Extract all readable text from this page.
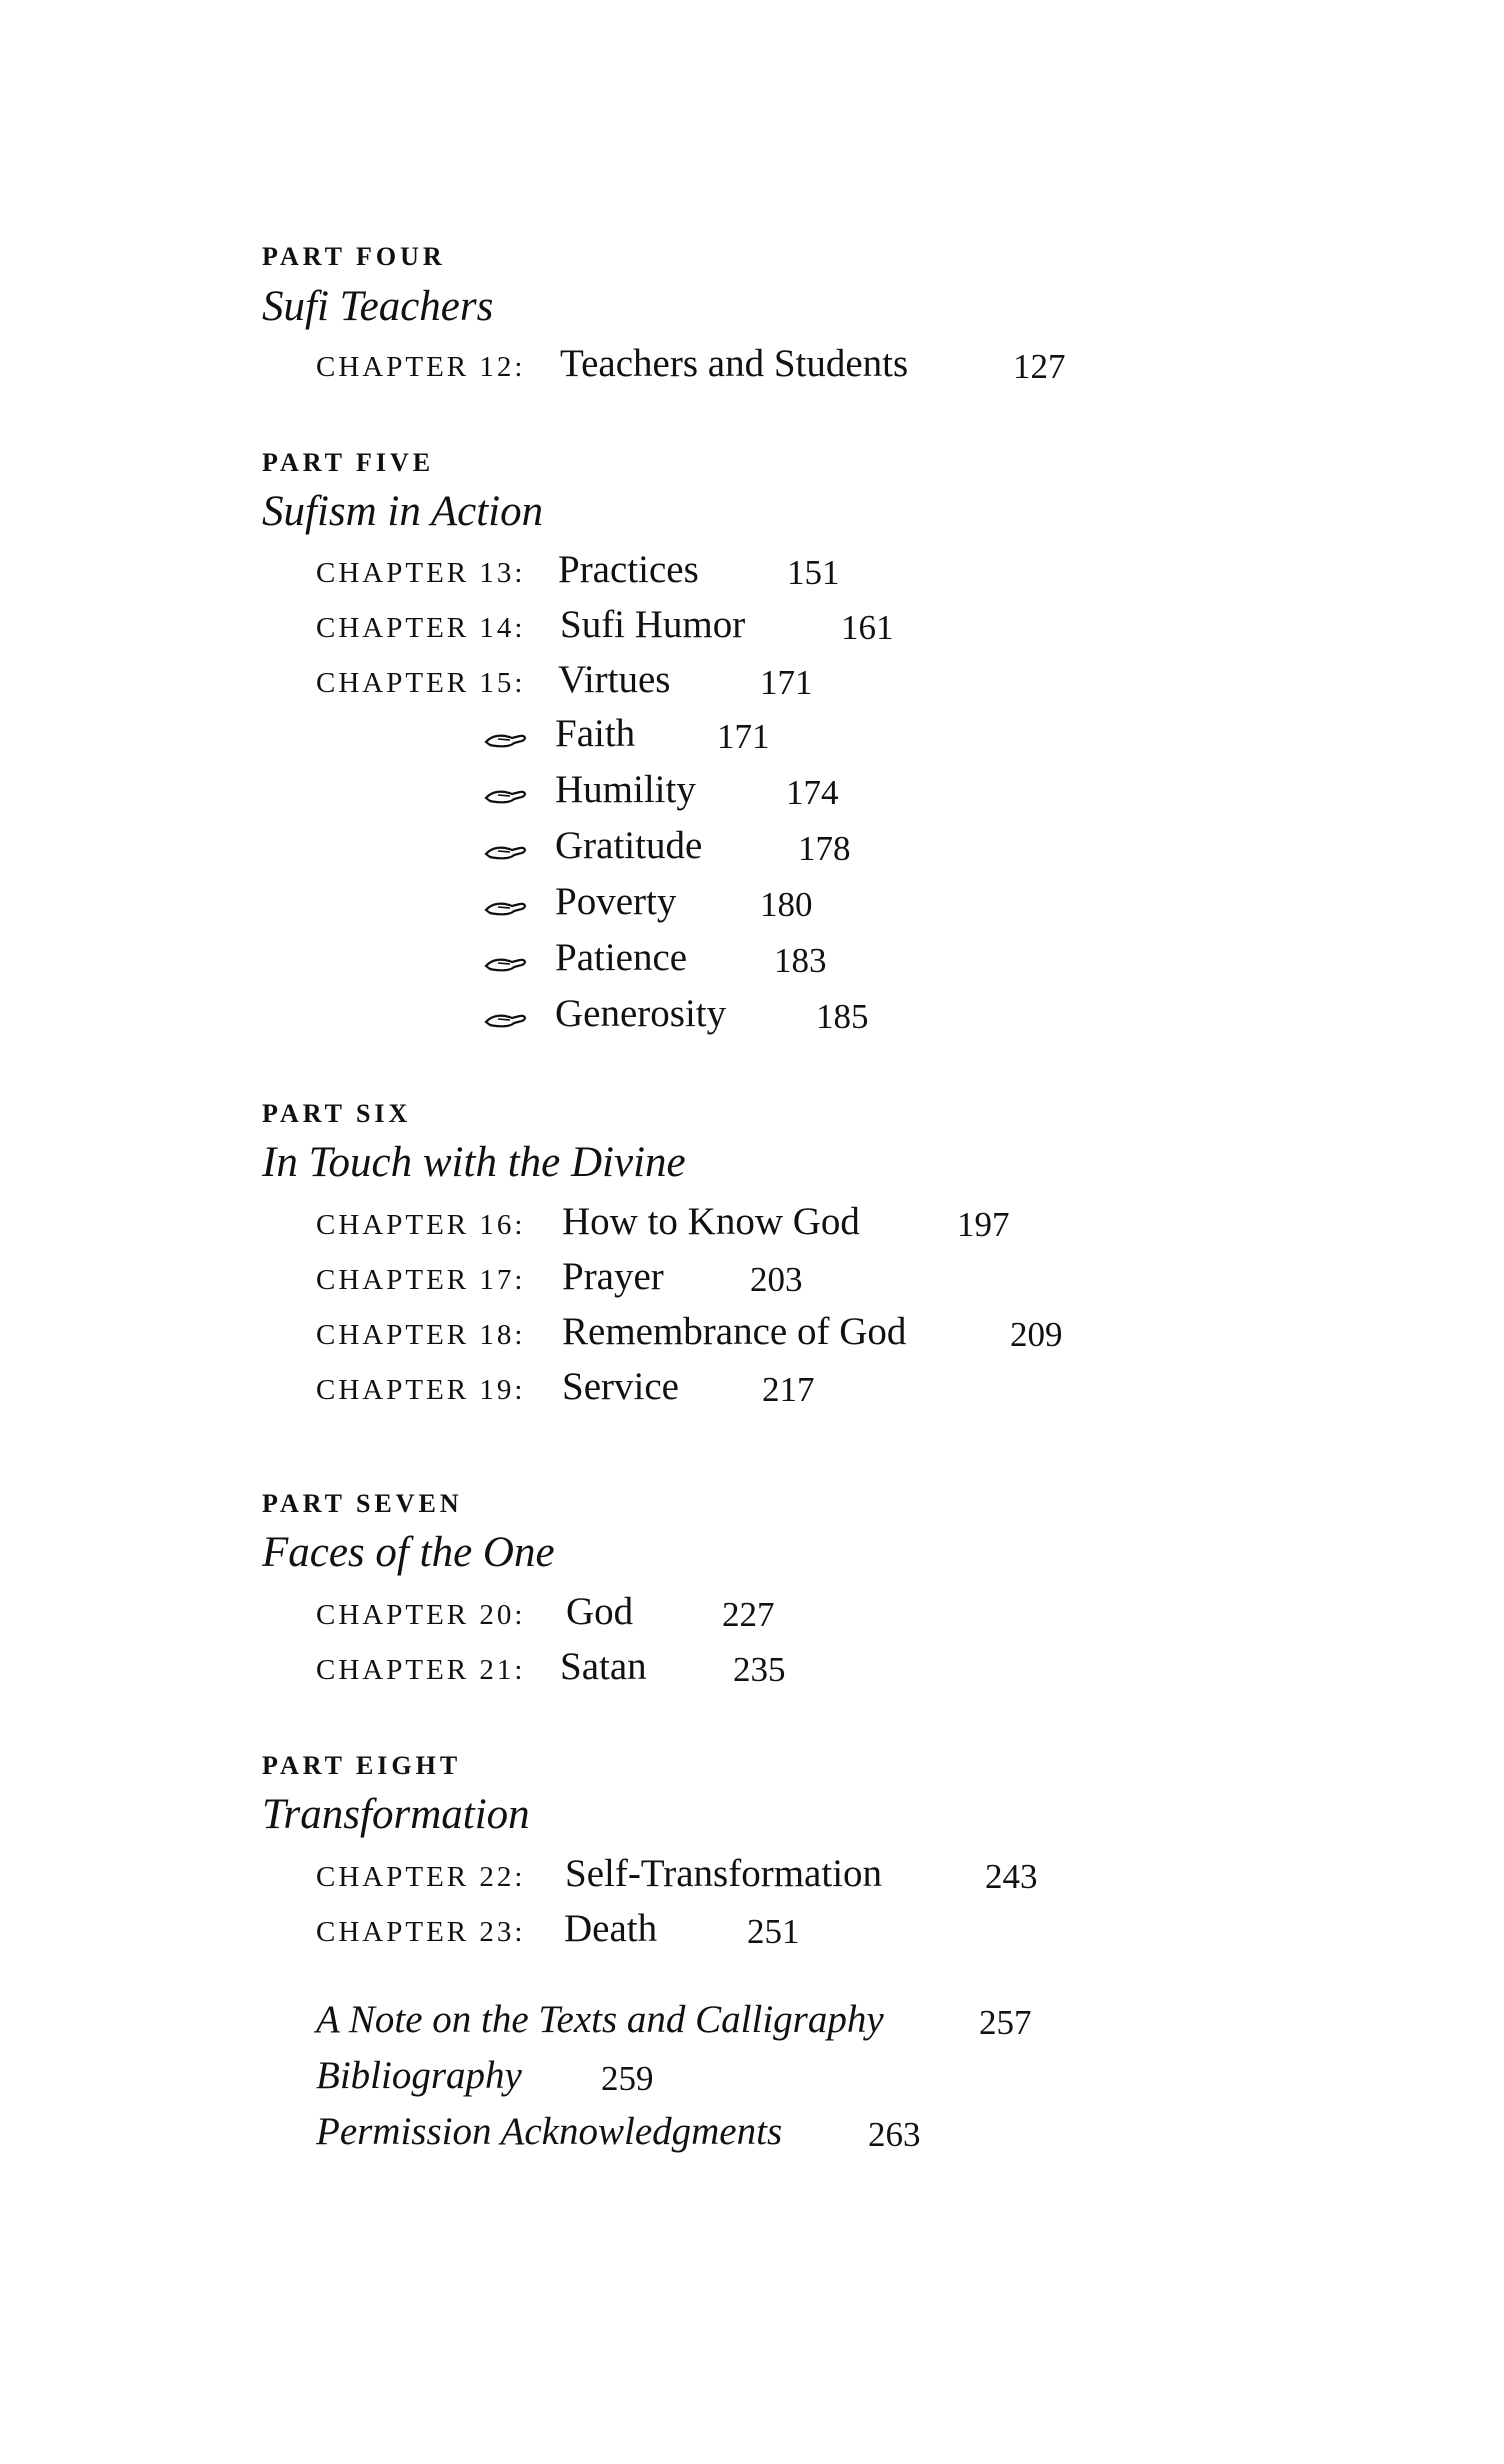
PART FOUR
Sufi Teachers
CHAPTER 12: Teachers and Students	127
PART FIVE
Sufism in Action
CHAPTER 13: Practices	151
CHAPTER 14: Sufi Humor	161
CHAPTER 15: Virtues	171
Faith 171
Humility	174
Gratitude	178
Poverty 180
Patience 183
Generosity	185
PART SIX
In Touch with the Divine
CHAPTER 16: How to Know God	197
CHAPTER 17: Prayer 203
CHAPTER 18: Remembrance of God	209
CHAPTER 19: Service 217
PART SEVEN
Faces of the One
CHAPTER 20: God	227
CHAPTER 21: Satan 235
PART EIGHT
Transformation
CHAPTER 22: Self-Transformation	243
CHAPTER 23: Death	251
A Note on the Texts and Calligraphy	257
Bibliography 259
Permission Acknowledgments 263
